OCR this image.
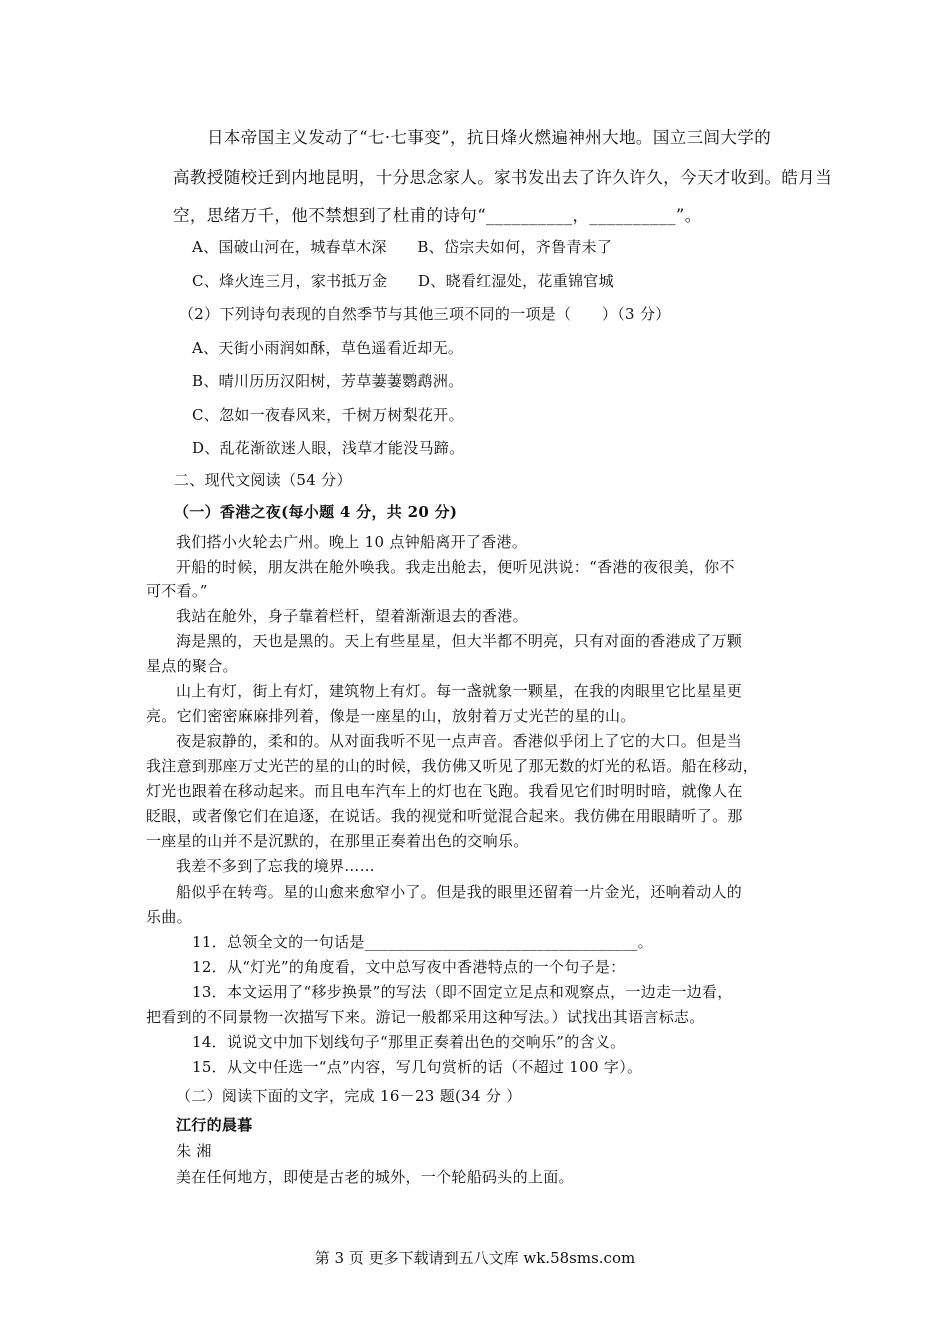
日本帝国主义发动了“七·七事变”，抗日烽火燃遍神州大地。国立三闾大学的
高教授随校迁到内地昆明，十分思念家人。家书发出去了许久许久，今天才收到。皓月当
空，思绪万千，他不禁想到了杜甫的诗句“__________，__________”。
A、国破山河在，城春草木深　　B、岱宗夫如何，齐鲁青未了
C、烽火连三月，家书抵万金　　D、晓看红湿处，花重锦官城
（2）下列诗句表现的自然季节与其他三项不同的一项是（　　）（3 分）
A、天街小雨润如酥，草色遥看近却无。
B、晴川历历汉阳树，芳草萋萋鹦鹉洲。
C、忽如一夜春风来，千树万树梨花开。
D、乱花渐欲迷人眼，浅草才能没马蹄。
二、现代文阅读（54 分）
（一）香港之夜(每小题 4 分，共 20 分)
我们搭小火轮去广州。晚上 10 点钟船离开了香港。
开船的时候，朋友洪在舱外唤我。我走出舱去，便听见洪说：“香港的夜很美，你不
可不看。”
我站在舱外，身子靠着栏杆，望着渐渐退去的香港。
海是黑的，天也是黑的。天上有些星星，但大半都不明亮，只有对面的香港成了万颗
星点的聚合。
山上有灯，街上有灯，建筑物上有灯。每一盏就象一颗星，在我的肉眼里它比星星更
亮。它们密密麻麻排列着，像是一座星的山，放射着万丈光芒的星的山。
夜是寂静的，柔和的。从对面我听不见一点声音。香港似乎闭上了它的大口。但是当
我注意到那座万丈光芒的星的山的时候，我仿佛又听见了那无数的灯光的私语。船在移动，
灯光也跟着在移动起来。而且电车汽车上的灯也在飞跑。我看见它们时明时暗，就像人在
眨眼，或者像它们在追逐，在说话。我的视觉和听觉混合起来。我仿佛在用眼睛听了。那
一座星的山并不是沉默的，在那里正奏着出色的交响乐。
我差不多到了忘我的境界……
船似乎在转弯。星的山愈来愈窄小了。但是我的眼里还留着一片金光，还响着动人的
乐曲。
11．总领全文的一句话是___________________________________。
12．从“灯光”的角度看，文中总写夜中香港特点的一个句子是：
13．本文运用了“移步换景”的写法（即不固定立足点和观察点，一边走一边看，
把看到的不同景物一次描写下来。游记一般都采用这种写法。）试找出其语言标志。
14．说说文中加下划线句子“那里正奏着出色的交响乐”的含义。
15．从文中任选一“点”内容，写几句赏析的话（不超过 100 字）。
（二）阅读下面的文字，完成 16－23 题(34 分 ）
江行的晨暮
朱 湘
美在任何地方，即使是古老的城外，一个轮船码头的上面。
第 3 页 更多下载请到五八文库 wk.58sms.com
